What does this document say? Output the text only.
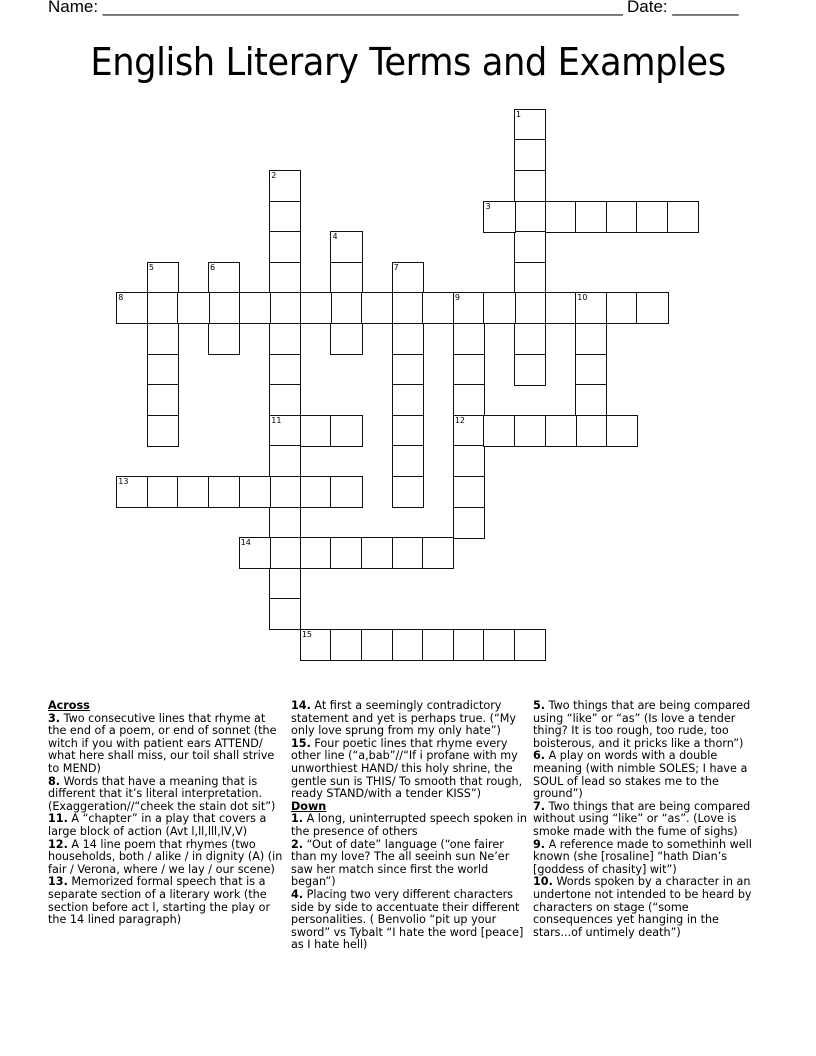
Name: _______________________________________________________ Date: _______
English Literary Terms and Examples
1
2
11
3
4
5	6	7
8	9	10
12
13
14
15
Across

3. Two consecutive lines that rhyme at the end of a poem, or end of sonnet (the witch if you with patient ears ATTEND/ what here shall miss, our toil shall strive to MEND)

8. Words that have a meaning that is different that it’s literal interpretation. (Exaggeration//“cheek the stain dot sit”)

11. A “chapter” in a play that covers a large block of action (Avt l,ll,lll,lV,V)

12. A 14 line poem that rhymes (two households, both / alike / in dignity (A) (in fair / Verona, where / we lay / our scene)

13. Memorized formal speech that is a separate section of a literary work (the section before act l, starting the play or the 14 lined paragraph)

14. At first a seemingly contradictory statement and yet is perhaps true. (“My only love sprung from my only hate”)

15. Four poetic lines that rhyme every other line (“a,bab”//“If i profane with my unworthiest HAND/ this holy shrine, the gentle sun is THIS/ To smooth that rough, ready STAND/with a tender KISS”)

Down

1. A long, uninterrupted speech spoken in the presence of others

2. “Out of date” language (“one fairer than my love? The all seeinh sun Ne’er saw her match since first the world began”)

4. Placing two very different characters side by side to accentuate their different personalities. ( Benvolio “pit up your sword” vs Tybalt “I hate the word [peace] as I hate hell)

5. Two things that are being compared using “like” or “as” (Is love a tender thing? It is too rough, too rude, too boisterous, and it pricks like a thorn”)

6. A play on words with a double meaning (with nimble SOLES; I have a SOUL of lead so stakes me to the ground”)

7. Two things that are being compared without using “like” or “as”. (Love is smoke made with the fume of sighs)

9. A reference made to somethinh well known (she [rosaline] “hath Dian’s [goddess of chasity] wit”)

10. Words spoken by a character in an undertone not intended to be heard by characters on stage (“some consequences yet hanging in the stars...of untimely death”)
